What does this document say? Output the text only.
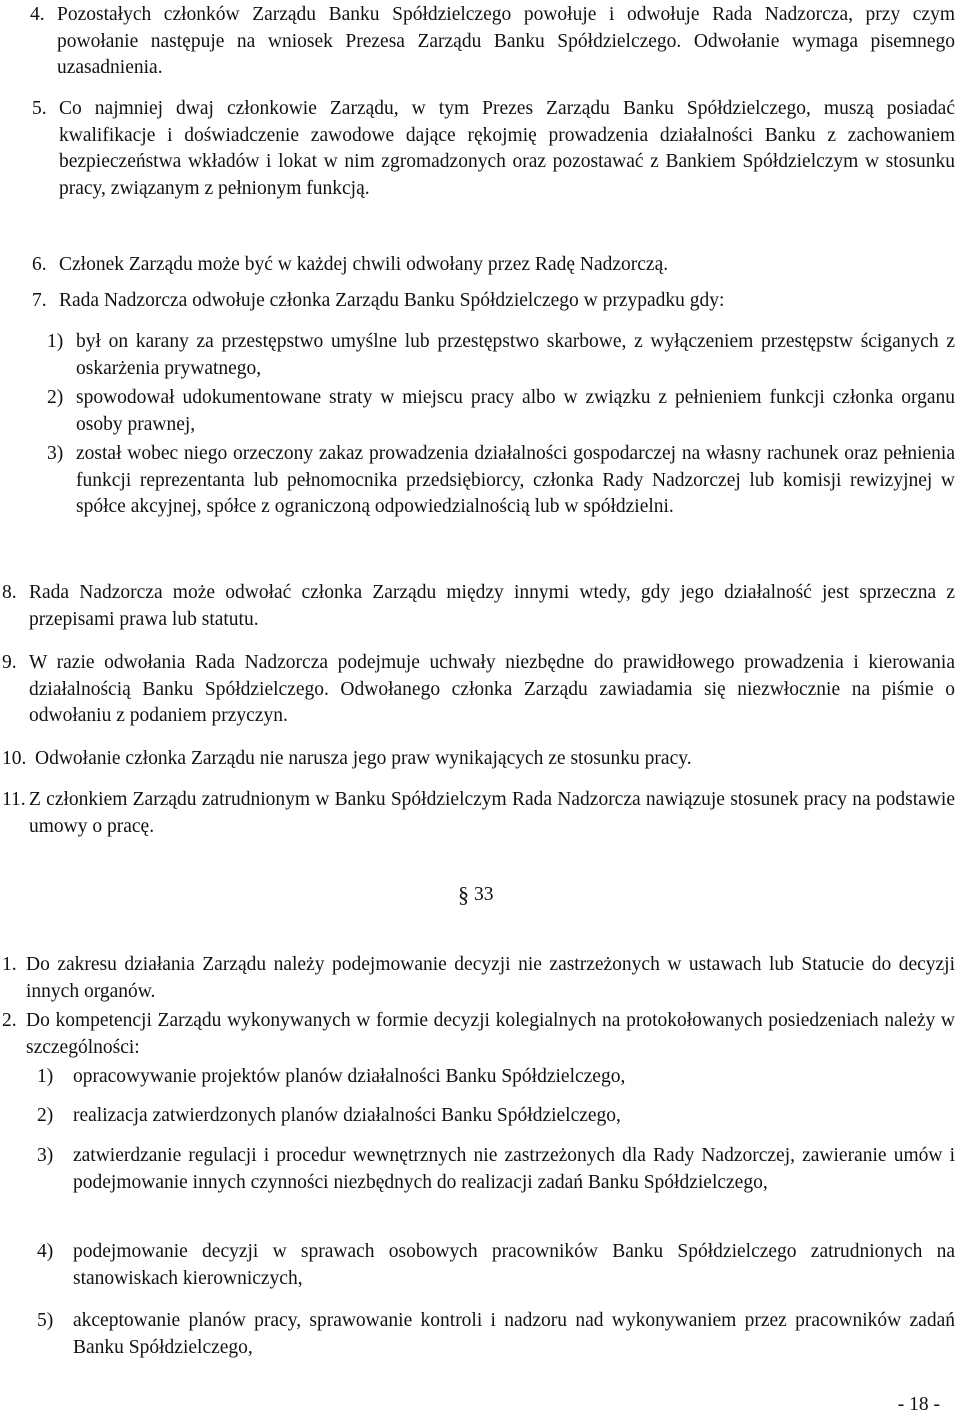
4. Pozostałych członków Zarządu Banku Spółdzielczego powołuje i odwołuje Rada Nadzorcza, przy czym powołanie następuje na wniosek Prezesa Zarządu Banku Spółdzielczego. Odwołanie wymaga pisemnego uzasadnienia.
5. Co najmniej dwaj członkowie Zarządu, w tym Prezes Zarządu Banku Spółdzielczego, muszą posiadać kwalifikacje i doświadczenie zawodowe dające rękojmię prowadzenia działalności Banku z zachowaniem bezpieczeństwa wkładów i lokat w nim zgromadzonych oraz pozostawać z Bankiem Spółdzielczym w stosunku pracy, związanym z pełnionym funkcją.
6. Członek Zarządu może być w każdej chwili odwołany przez Radę Nadzorczą.
7. Rada Nadzorcza odwołuje członka Zarządu Banku Spółdzielczego w przypadku gdy:
1) był on karany za przestępstwo umyślne lub przestępstwo skarbowe, z wyłączeniem przestępstw ściganych z oskarżenia prywatnego,
2) spowodował udokumentowane straty w miejscu pracy albo w związku z pełnieniem funkcji członka organu osoby prawnej,
3) został wobec niego orzeczony zakaz prowadzenia działalności gospodarczej na własny rachunek oraz pełnienia funkcji reprezentanta lub pełnomocnika przedsiębiorcy, członka Rady Nadzorczej lub komisji rewizyjnej w spółce akcyjnej, spółce z ograniczoną odpowiedzialnością lub w spółdzielni.
8. Rada Nadzorcza może odwołać członka Zarządu między innymi wtedy, gdy jego działalność jest sprzeczna z przepisami prawa lub statutu.
9. W razie odwołania Rada Nadzorcza podejmuje uchwały niezbędne do prawidłowego prowadzenia i kierowania działalnością Banku Spółdzielczego. Odwołanego członka Zarządu zawiadamia się niezwłocznie na piśmie o odwołaniu z podaniem przyczyn.
10. Odwołanie członka Zarządu nie narusza jego praw wynikających ze stosunku pracy.
11. Z członkiem Zarządu zatrudnionym w Banku Spółdzielczym Rada Nadzorcza nawiązuje stosunek pracy na podstawie umowy o pracę.
§ 33
1. Do zakresu działania Zarządu należy podejmowanie decyzji nie zastrzeżonych w ustawach lub Statucie do decyzji innych organów.
2. Do kompetencji Zarządu wykonywanych w formie decyzji kolegialnych na protokołowanych posiedzeniach należy w szczególności:
1)	opracowywanie projektów planów działalności Banku Spółdzielczego,
2)	realizacja zatwierdzonych planów działalności Banku Spółdzielczego,
3)	zatwierdzanie regulacji i procedur wewnętrznych nie zastrzeżonych dla Rady Nadzorczej, zawieranie umów i podejmowanie innych czynności niezbędnych do realizacji zadań Banku Spółdzielczego,
4)	podejmowanie decyzji w sprawach osobowych pracowników Banku Spółdzielczego zatrudnionych na stanowiskach kierowniczych,
5)	akceptowanie planów pracy, sprawowanie kontroli i nadzoru nad wykonywaniem przez pracowników zadań Banku Spółdzielczego,
- 18 -
